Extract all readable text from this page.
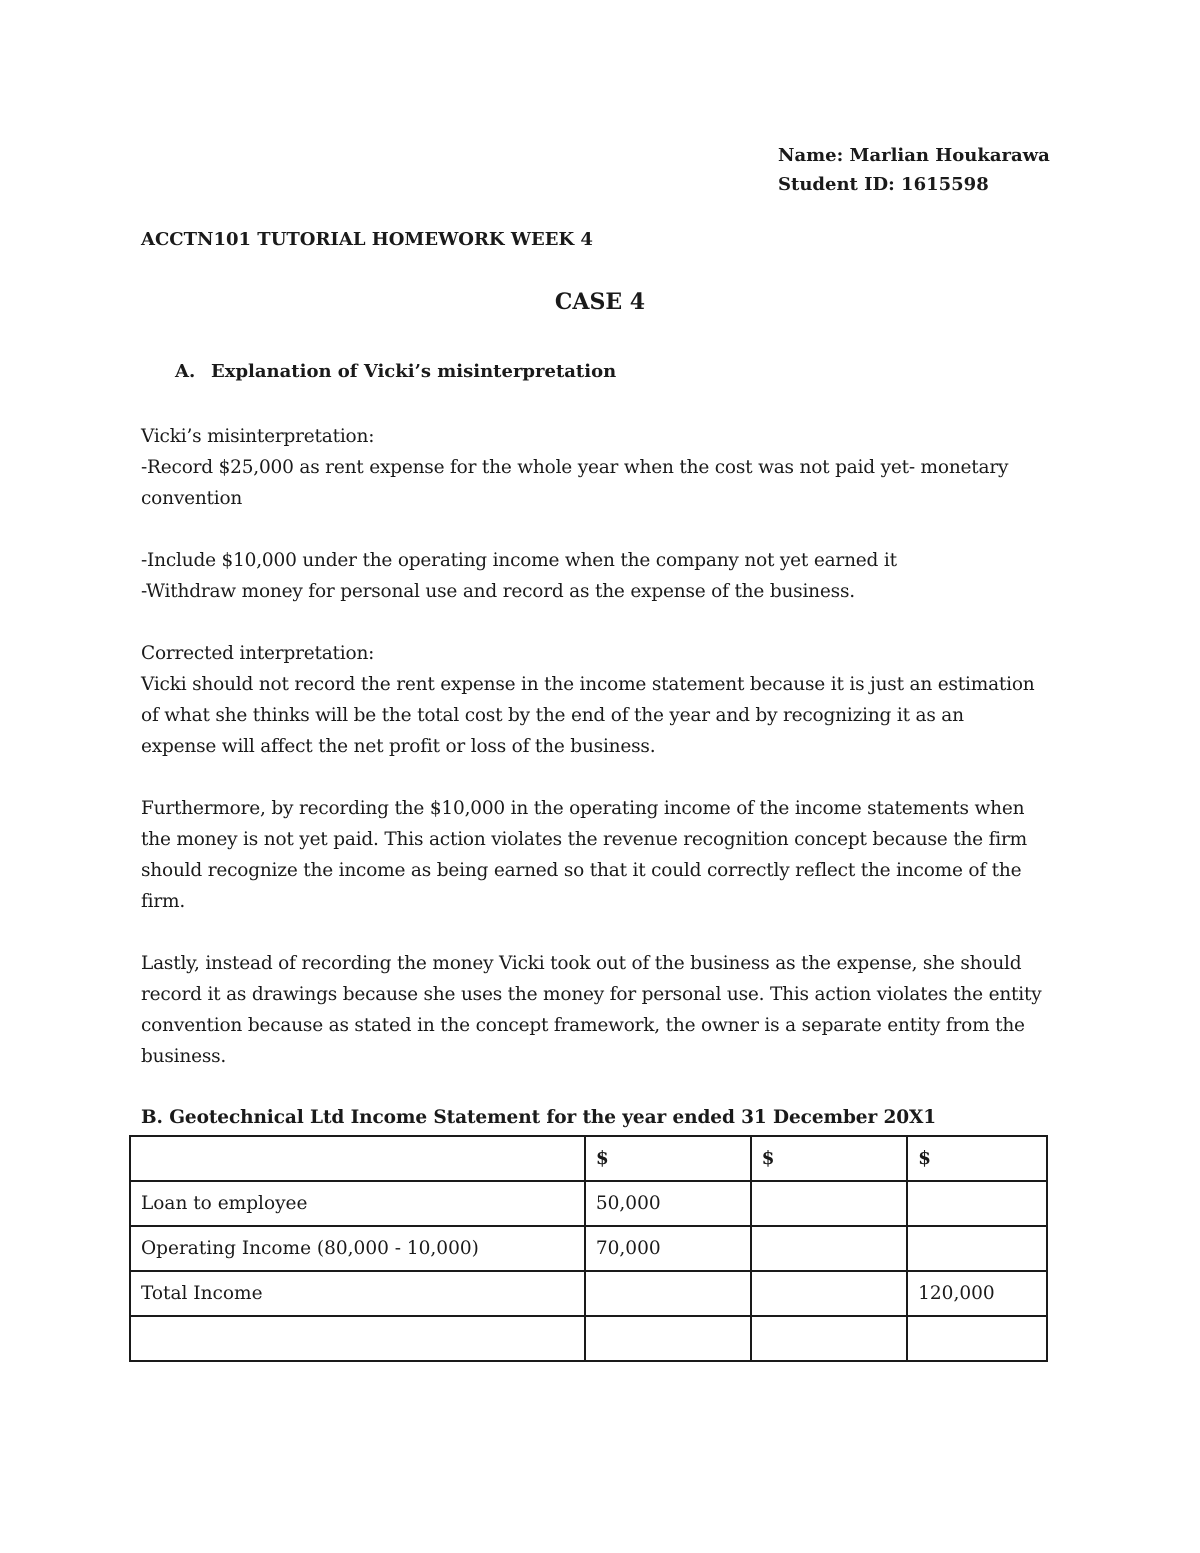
Name: Marlian Houkarawa
Student ID: 1615598
ACCTN101 TUTORIAL HOMEWORK WEEK 4
CASE 4
A. Explanation of Vicki’s misinterpretation

Vicki’s misinterpretation:
-Record $25,000 as rent expense for the whole year when the cost was not paid yet- monetary
convention

-Include $10,000 under the operating income when the company not yet earned it
-Withdraw money for personal use and record as the expense of the business.

Corrected interpretation:
Vicki should not record the rent expense in the income statement because it is just an estimation
of what she thinks will be the total cost by the end of the year and by recognizing it as an
expense will affect the net profit or loss of the business.

Furthermore, by recording the $10,000 in the operating income of the income statements when
the money is not yet paid. This action violates the revenue recognition concept because the firm
should recognize the income as being earned so that it could correctly reflect the income of the
firm.

Lastly, instead of recording the money Vicki took out of the business as the expense, she should
record it as drawings because she uses the money for personal use. This action violates the entity
convention because as stated in the concept framework, the owner is a separate entity from the
business.

B. Geotechnical Ltd Income Statement for the year ended 31 December 20X1
	$	$	$
Loan to employee	50,000		
Operating Income (80,000 - 10,000)	70,000		
Total Income			120,000
